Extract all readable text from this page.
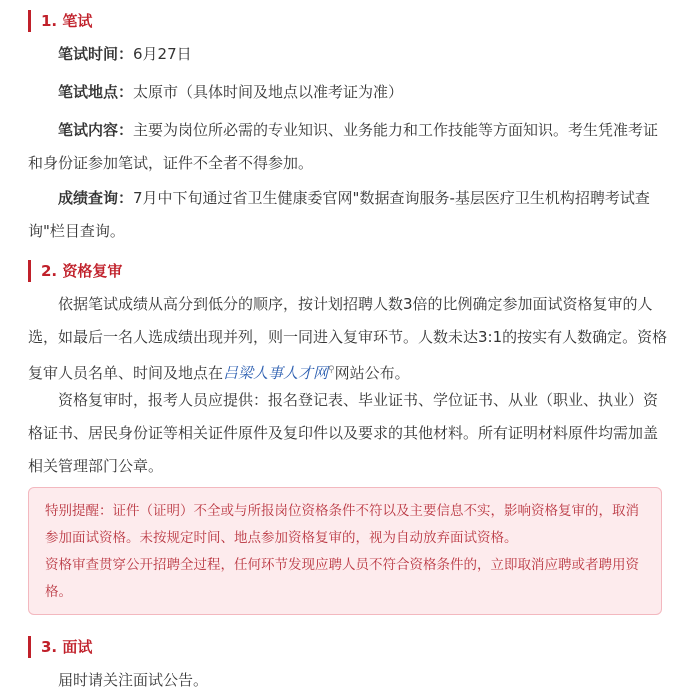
1. 笔试
笔试时间：6月27日
笔试地点：太原市（具体时间及地点以准考证为准）
笔试内容：主要为岗位所必需的专业知识、业务能力和工作技能等方面知识。考生凭准考证和身份证参加笔试，证件不全者不得参加。
成绩查询：7月中下旬通过省卫生健康委官网"数据查询服务-基层医疗卫生机构招聘考试查询"栏目查询。
2. 资格复审
依据笔试成绩从高分到低分的顺序，按计划招聘人数3倍的比例确定参加面试资格复审的人选，如最后一名人选成绩出现并列，则一同进入复审环节。人数未达3:1的按实有人数确定。资格复审人员名单、时间及地点在吕梁人事人才网⚲网站公布。
资格复审时，报考人员应提供：报名登记表、毕业证书、学位证书、从业（职业、执业）资格证书、居民身份证等相关证件原件及复印件以及要求的其他材料。所有证明材料原件均需加盖相关管理部门公章。

特别提醒：证件（证明）不全或与所报岗位资格条件不符以及主要信息不实，影响资格复审的，取消参加面试资格。未按规定时间、地点参加资格复审的，视为自动放弃面试资格。

资格审查贯穿公开招聘全过程，任何环节发现应聘人员不符合资格条件的，立即取消应聘或者聘用资格。

3. 面试
届时请关注面试公告。
